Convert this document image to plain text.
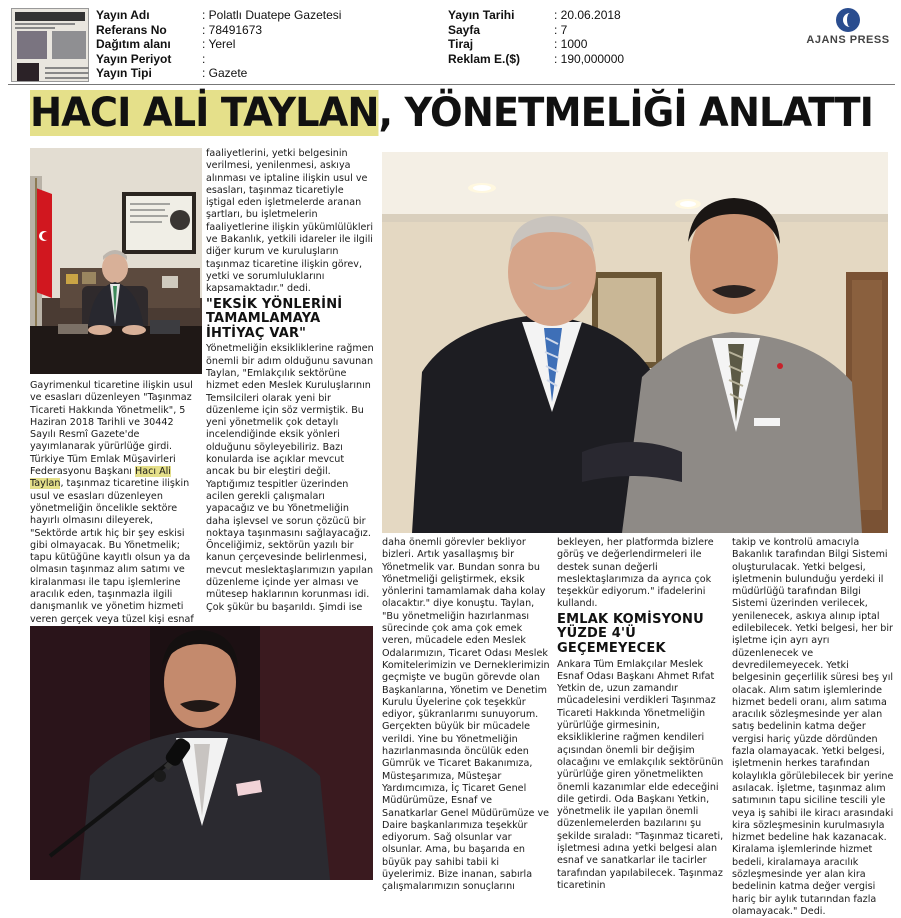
Yayın Adı	: Polatlı Duatepe Gazetesi
Referans No	: 78491673
Dağıtım alanı	: Yerel
Yayın Periyot	:
Yayın Tipi	: Gazete
Yayın Tarihi	: 20.06.2018
Sayfa	: 7
Tiraj	: 1000
Reklam E.($)	: 190,000000
AJANS PRESS
HACI ALİ TAYLAN, YÖNETMELİĞİ ANLATTI

Gayrimenkul ticaretine ilişkin usul ve esasları düzenleyen "Taşınmaz Ticareti Hakkında Yönetmelik", 5 Haziran 2018 Tarihli ve 30442 Sayılı Resmî Gazete'de yayımlanarak yürürlüğe girdi. Türkiye Tüm Emlak Müşavirleri Federasyonu Başkanı Hacı Ali Taylan, taşınmaz ticaretine ilişkin usul ve esasları düzenleyen yönetmeliğin öncelikle sektöre hayırlı olmasını dileyerek, "Sektörde artık hiç bir şey eskisi gibi olmayacak. Bu Yönetmelik; tapu kütüğüne kayıtlı olsun ya da olmasın taşınmaz alım satımı ve kiralanması ile tapu işlemlerine aracılık eden, taşınmazla ilgili danışmanlık ve yönetim hizmeti veren gerçek veya tüzel kişi esnaf

faaliyetlerini, yetki belgesinin verilmesi, yenilenmesi, askıya alınması ve iptaline ilişkin usul ve esasları, taşınmaz ticaretiyle iştigal eden işletmelerde aranan şartları, bu işletmelerin faaliyetlerine ilişkin yükümlülükleri ve Bakanlık, yetkili idareler ile ilgili diğer kurum ve kuruluşların taşınmaz ticaretine ilişkin görev, yetki ve sorumluluklarını kapsamaktadır." dedi.

"EKSİK YÖNLERİNİ TAMAMLAMAYA İHTİYAÇ VAR"

Yönetmeliğin eksikliklerine rağmen önemli bir adım olduğunu savunan Taylan, "Emlakçılık sektörüne hizmet eden Meslek Kuruluşlarının Temsilcileri olarak yeni bir düzenleme için söz vermiştik. Bu yeni yönetmelik çok detaylı incelendiğinde eksik yönleri olduğunu söyleyebiliriz. Bazı konularda ise açıklar mevcut ancak bu bir eleştiri değil. Yaptığımız tespitler üzerinden acilen gerekli çalışmaları yapacağız ve bu Yönetmeliğin daha işlevsel ve sorun çözücü bir noktaya taşınmasını sağlayacağız. Önceliğimiz, sektörün yazılı bir kanun çerçevesinde belirlenmesi, mevcut meslektaşlarımızın yapılan düzenleme içinde yer alması ve mütesep haklarının korunması idi. Çok şükür bu başarıldı. Şimdi ise

daha önemli görevler bekliyor bizleri. Artık yasallaşmış bir Yönetmelik var. Bundan sonra bu Yönetmeliği geliştirmek, eksik yönlerini tamamlamak daha kolay olacaktır." diye konuştu. Taylan, "Bu yönetmeliğin hazırlanması sürecinde çok ama çok emek veren, mücadele eden Meslek Odalarımızın, Ticaret Odası Meslek Komitelerimizin ve Derneklerimizin geçmişte ve bugün görevde olan Başkanlarına, Yönetim ve Denetim Kurulu Üyelerine çok teşekkür ediyor, şükranlarımı sunuyorum. Gerçekten büyük bir mücadele verildi. Yine bu Yönetmeliğin hazırlanmasında öncülük eden Gümrük ve Ticaret Bakanımıza, Müsteşarımıza, Müsteşar Yardımcımıza, İç Ticaret Genel Müdürümüze, Esnaf ve Sanatkarlar Genel Müdürümüze ve Daire başkanlarımıza teşekkür ediyorum. Sağ olsunlar var olsunlar. Ama, bu başarıda en büyük pay sahibi tabii ki üyelerimiz. Bize inanan, sabırla çalışmalarımızın sonuçlarını

bekleyen, her platformda bizlere görüş ve değerlendirmeleri ile destek sunan değerli meslektaşlarımıza da ayrıca çok teşekkür ediyorum." ifadelerini kullandı.

EMLAK KOMİSYONU YÜZDE 4'Ü GEÇEMEYECEK

Ankara Tüm Emlakçılar Meslek Esnaf Odası Başkanı Ahmet Rıfat Yetkin de, uzun zamandır mücadelesini verdikleri Taşınmaz Ticareti Hakkında Yönetmeliğin yürürlüğe girmesinin, eksikliklerine rağmen kendileri açısından önemli bir değişim olacağını ve emlakçılık sektörünün yürürlüğe giren yönetmelikten önemli kazanımlar elde edeceğini dile getirdi. Oda Başkanı Yetkin, yönetmelik ile yapılan önemli düzenlemelerden bazılarını şu şekilde sıraladı: "Taşınmaz ticareti, işletmesi adına yetki belgesi alan esnaf ve sanatkarlar ile tacirler tarafından yapılabilecek. Taşınmaz ticaretinin

takip ve kontrolü amacıyla Bakanlık tarafından Bilgi Sistemi oluşturulacak. Yetki belgesi, işletmenin bulunduğu yerdeki il müdürlüğü tarafından Bilgi Sistemi üzerinden verilecek, yenilenecek, askıya alınıp iptal edilebilecek. Yetki belgesi, her bir işletme için ayrı ayrı düzenlenecek ve devredilemeyecek. Yetki belgesinin geçerlilik süresi beş yıl olacak. Alım satım işlemlerinde hizmet bedeli oranı, alım satıma aracılık sözleşmesinde yer alan satış bedelinin katma değer vergisi hariç yüzde dördünden fazla olamayacak. Yetki belgesi, işletmenin herkes tarafından kolaylıkla görülebilecek bir yerine asılacak. İşletme, taşınmaz alım satımının tapu siciline tescili yle veya iş sahibi ile kiracı arasındaki kira sözleşmesinin kurulmasıyla hizmet bedeline hak kazanacak. Kiralama işlemlerinde hizmet bedeli, kiralamaya aracılık sözleşmesinde yer alan kira bedelinin katma değer vergisi hariç bir aylık tutarından fazla olamayacak." Dedi.
